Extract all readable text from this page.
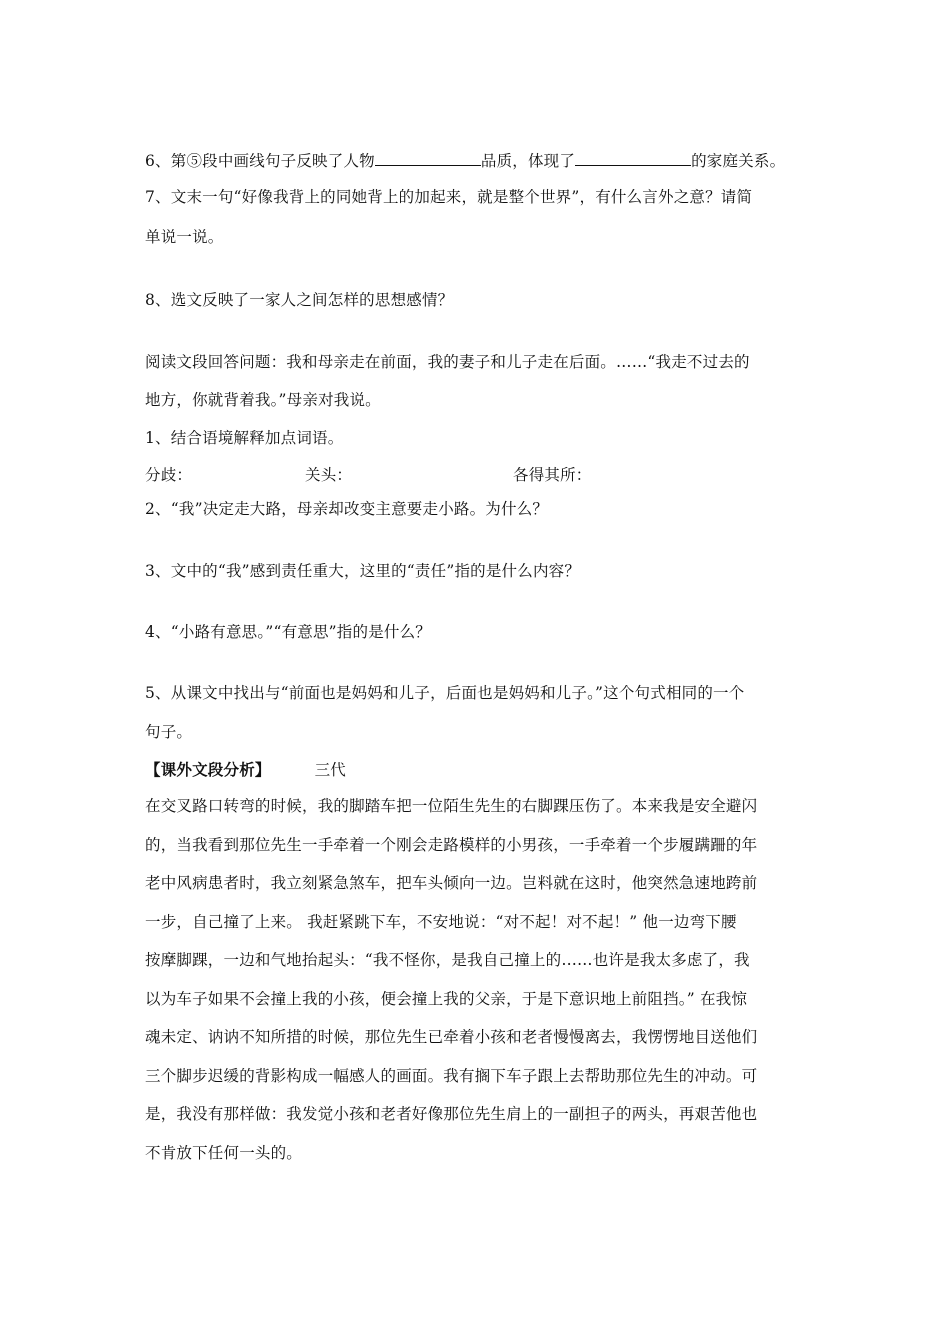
6、第⑤段中画线句子反映了人物	品质，体现了	的家庭关系。
7、文末一句“好像我背上的同她背上的加起来，就是整个世界”，有什么言外之意？请简
单说一说。
8、选文反映了一家人之间怎样的思想感情？
阅读文段回答问题：我和母亲走在前面，我的妻子和儿子走在后面。……“我走不过去的
地方，你就背着我。”母亲对我说。
1、结合语境解释加点词语。
分歧：	关头：	各得其所：
2、“我”决定走大路，母亲却改变主意要走小路。为什么？
3、文中的“我”感到责任重大，这里的“责任”指的是什么内容？
4、“小路有意思。”“有意思”指的是什么？
5、从课文中找出与“前面也是妈妈和儿子，后面也是妈妈和儿子。”这个句式相同的一个
句子。
【课外文段分析】	三代
在交叉路口转弯的时候，我的脚踏车把一位陌生先生的右脚踝压伤了。本来我是安全避闪
的，当我看到那位先生一手牵着一个刚会走路模样的小男孩，一手牵着一个步履蹒跚的年
老中风病患者时，我立刻紧急煞车，把车头倾向一边。岂料就在这时，他突然急速地跨前
一步，自己撞了上来。 我赶紧跳下车，不安地说：“对不起！对不起！” 他一边弯下腰
按摩脚踝，一边和气地抬起头：“我不怪你，是我自己撞上的……也许是我太多虑了，我
以为车子如果不会撞上我的小孩，便会撞上我的父亲，于是下意识地上前阻挡。” 在我惊
魂未定、讷讷不知所措的时候，那位先生已牵着小孩和老者慢慢离去，我愣愣地目送他们
三个脚步迟缓的背影构成一幅感人的画面。我有搁下车子跟上去帮助那位先生的冲动。可
是，我没有那样做：我发觉小孩和老者好像那位先生肩上的一副担子的两头，再艰苦他也
不肯放下任何一头的。
